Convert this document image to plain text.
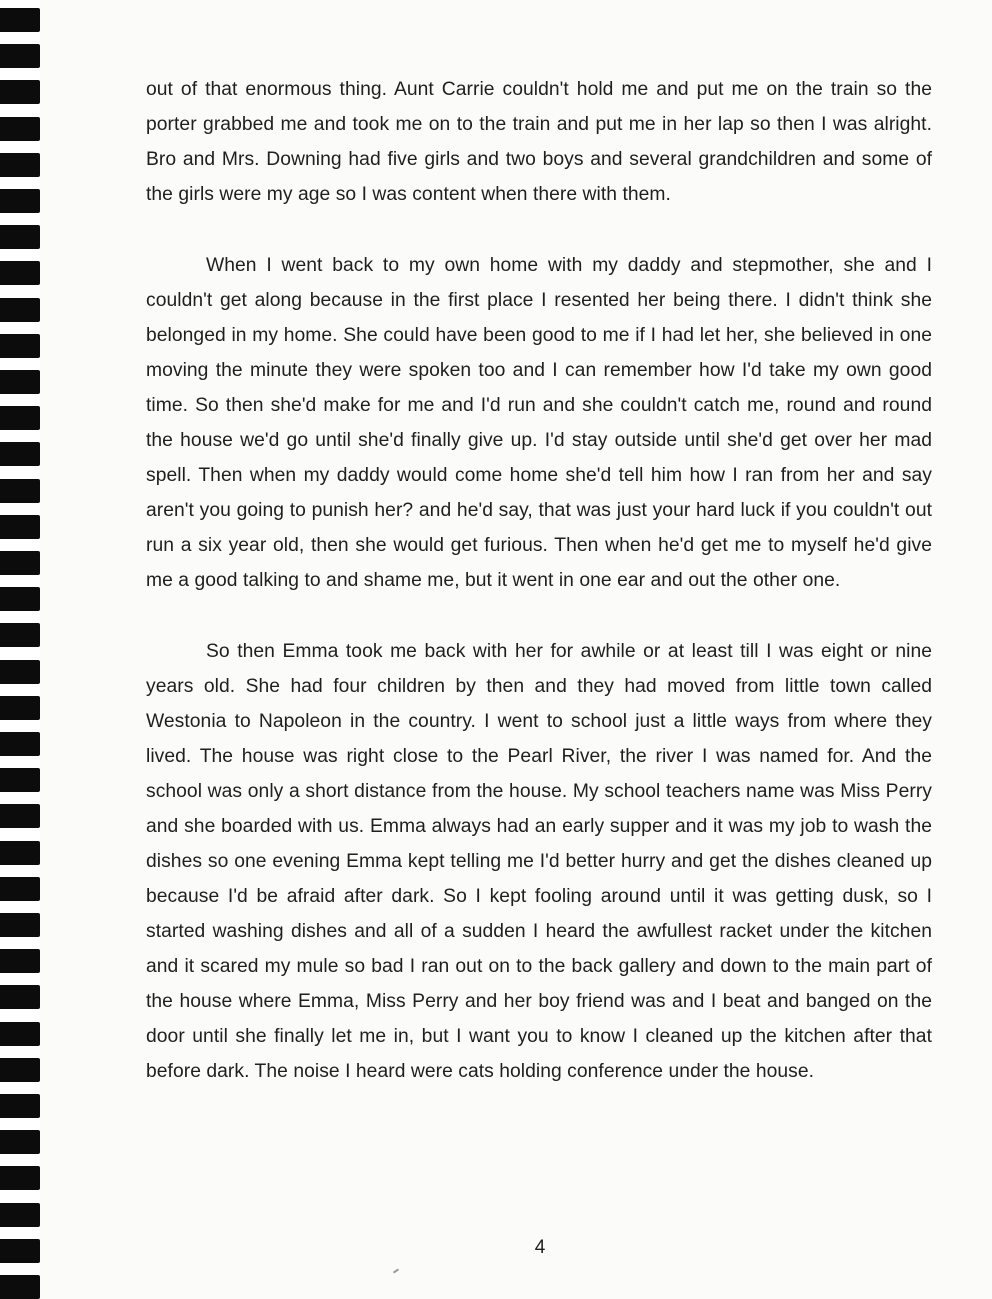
out of that enormous thing. Aunt Carrie couldn't hold me and put me on the train so the porter grabbed me and took me on to the train and put me in her lap so then I was alright. Bro and Mrs. Downing had five girls and two boys and several grandchildren and some of the girls were my age so I was content when there with them.

When I went back to my own home with my daddy and stepmother, she and I couldn't get along because in the first place I resented her being there. I didn't think she belonged in my home. She could have been good to me if I had let her, she believed in one moving the minute they were spoken too and I can remember how I'd take my own good time. So then she'd make for me and I'd run and she couldn't catch me, round and round the house we'd go until she'd finally give up. I'd stay outside until she'd get over her mad spell. Then when my daddy would come home she'd tell him how I ran from her and say aren't you going to punish her? and he'd say, that was just your hard luck if you couldn't out run a six year old, then she would get furious. Then when he'd get me to myself he'd give me a good talking to and shame me, but it went in one ear and out the other one.

So then Emma took me back with her for awhile or at least till I was eight or nine years old. She had four children by then and they had moved from little town called Westonia to Napoleon in the country. I went to school just a little ways from where they lived. The house was right close to the Pearl River, the river I was named for. And the school was only a short distance from the house. My school teachers name was Miss Perry and she boarded with us. Emma always had an early supper and it was my job to wash the dishes so one evening Emma kept telling me I'd better hurry and get the dishes cleaned up because I'd be afraid after dark. So I kept fooling around until it was getting dusk, so I started washing dishes and all of a sudden I heard the awfullest racket under the kitchen and it scared my mule so bad I ran out on to the back gallery and down to the main part of the house where Emma, Miss Perry and her boy friend was and I beat and banged on the door until she finally let me in, but I want you to know I cleaned up the kitchen after that before dark. The noise I heard were cats holding conference under the house.

4
